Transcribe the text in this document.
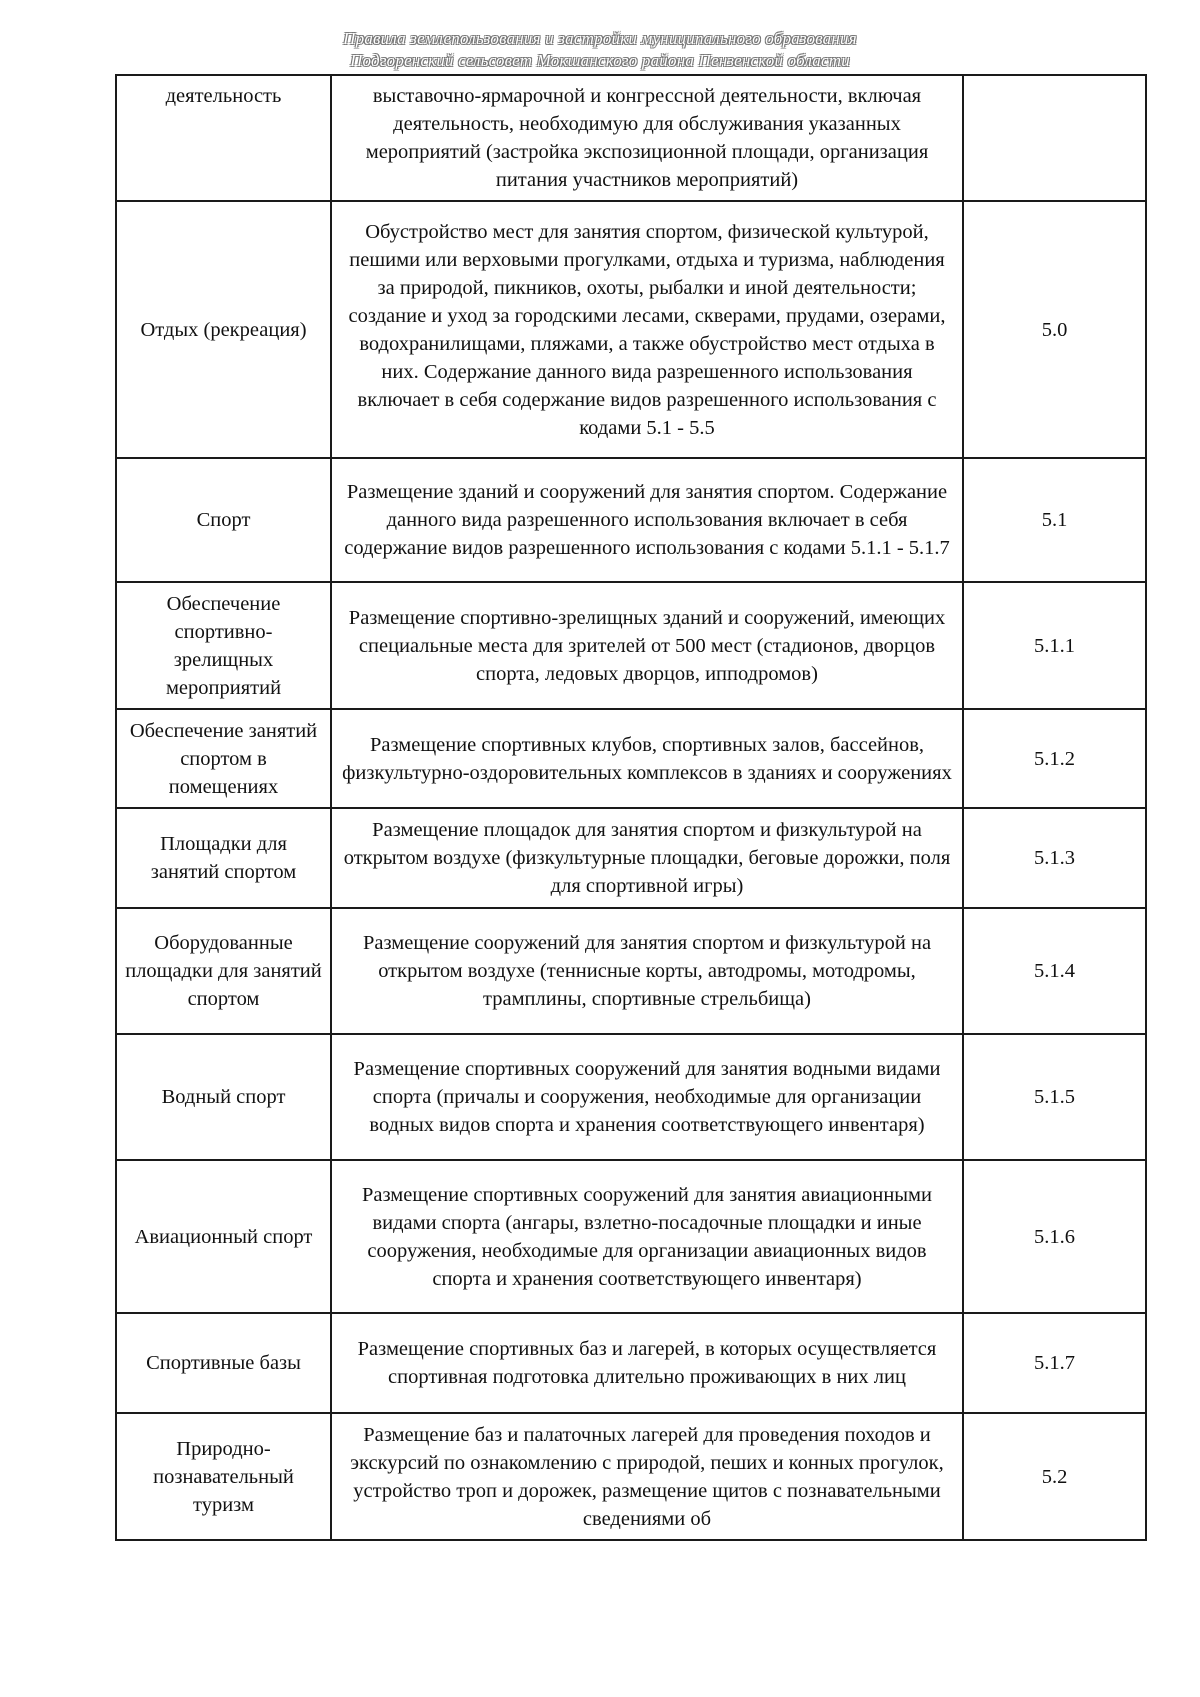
Правила землепользования и застройки муниципального образования
Подгоренский сельсовет Мокшанского района Пензенской области
деятельность	выставочно-ярмарочной и конгрессной деятельности, включая деятельность, необходимую для обслуживания указанных мероприятий (застройка экспозиционной площади, организация питания участников мероприятий)	
Отдых (рекреация)	Обустройство мест для занятия спортом, физической культурой, пешими или верховыми прогулками, отдыха и туризма, наблюдения за природой, пикников, охоты, рыбалки и иной деятельности; создание и уход за городскими лесами, скверами, прудами, озерами, водохранилищами, пляжами, а также обустройство мест отдыха в них. Содержание данного вида разрешенного использования включает в себя содержание видов разрешенного использования с кодами 5.1 - 5.5	5.0
Спорт	Размещение зданий и сооружений для занятия спортом. Содержание данного вида разрешенного использования включает в себя содержание видов разрешенного использования с кодами 5.1.1 - 5.1.7	5.1
Обеспечение спортивно-зрелищных мероприятий	Размещение спортивно-зрелищных зданий и сооружений, имеющих специальные места для зрителей от 500 мест (стадионов, дворцов спорта, ледовых дворцов, ипподромов)	5.1.1
Обеспечение занятий спортом в помещениях	Размещение спортивных клубов, спортивных залов, бассейнов, физкультурно-оздоровительных комплексов в зданиях и сооружениях	5.1.2
Площадки для занятий спортом	Размещение площадок для занятия спортом и физкультурой на открытом воздухе (физкультурные площадки, беговые дорожки, поля для спортивной игры)	5.1.3
Оборудованные площадки для занятий спортом	Размещение сооружений для занятия спортом и физкультурой на открытом воздухе (теннисные корты, автодромы, мотодромы, трамплины, спортивные стрельбища)	5.1.4
Водный спорт	Размещение спортивных сооружений для занятия водными видами спорта (причалы и сооружения, необходимые для организации водных видов спорта и хранения соответствующего инвентаря)	5.1.5
Авиационный спорт	Размещение спортивных сооружений для занятия авиационными видами спорта (ангары, взлетно-посадочные площадки и иные сооружения, необходимые для организации авиационных видов спорта и хранения соответствующего инвентаря)	5.1.6
Спортивные базы	Размещение спортивных баз и лагерей, в которых осуществляется спортивная подготовка длительно проживающих в них лиц	5.1.7
Природно-познавательный туризм	Размещение баз и палаточных лагерей для проведения походов и экскурсий по ознакомлению с природой, пеших и конных прогулок, устройство троп и дорожек, размещение щитов с познавательными сведениями об	5.2
